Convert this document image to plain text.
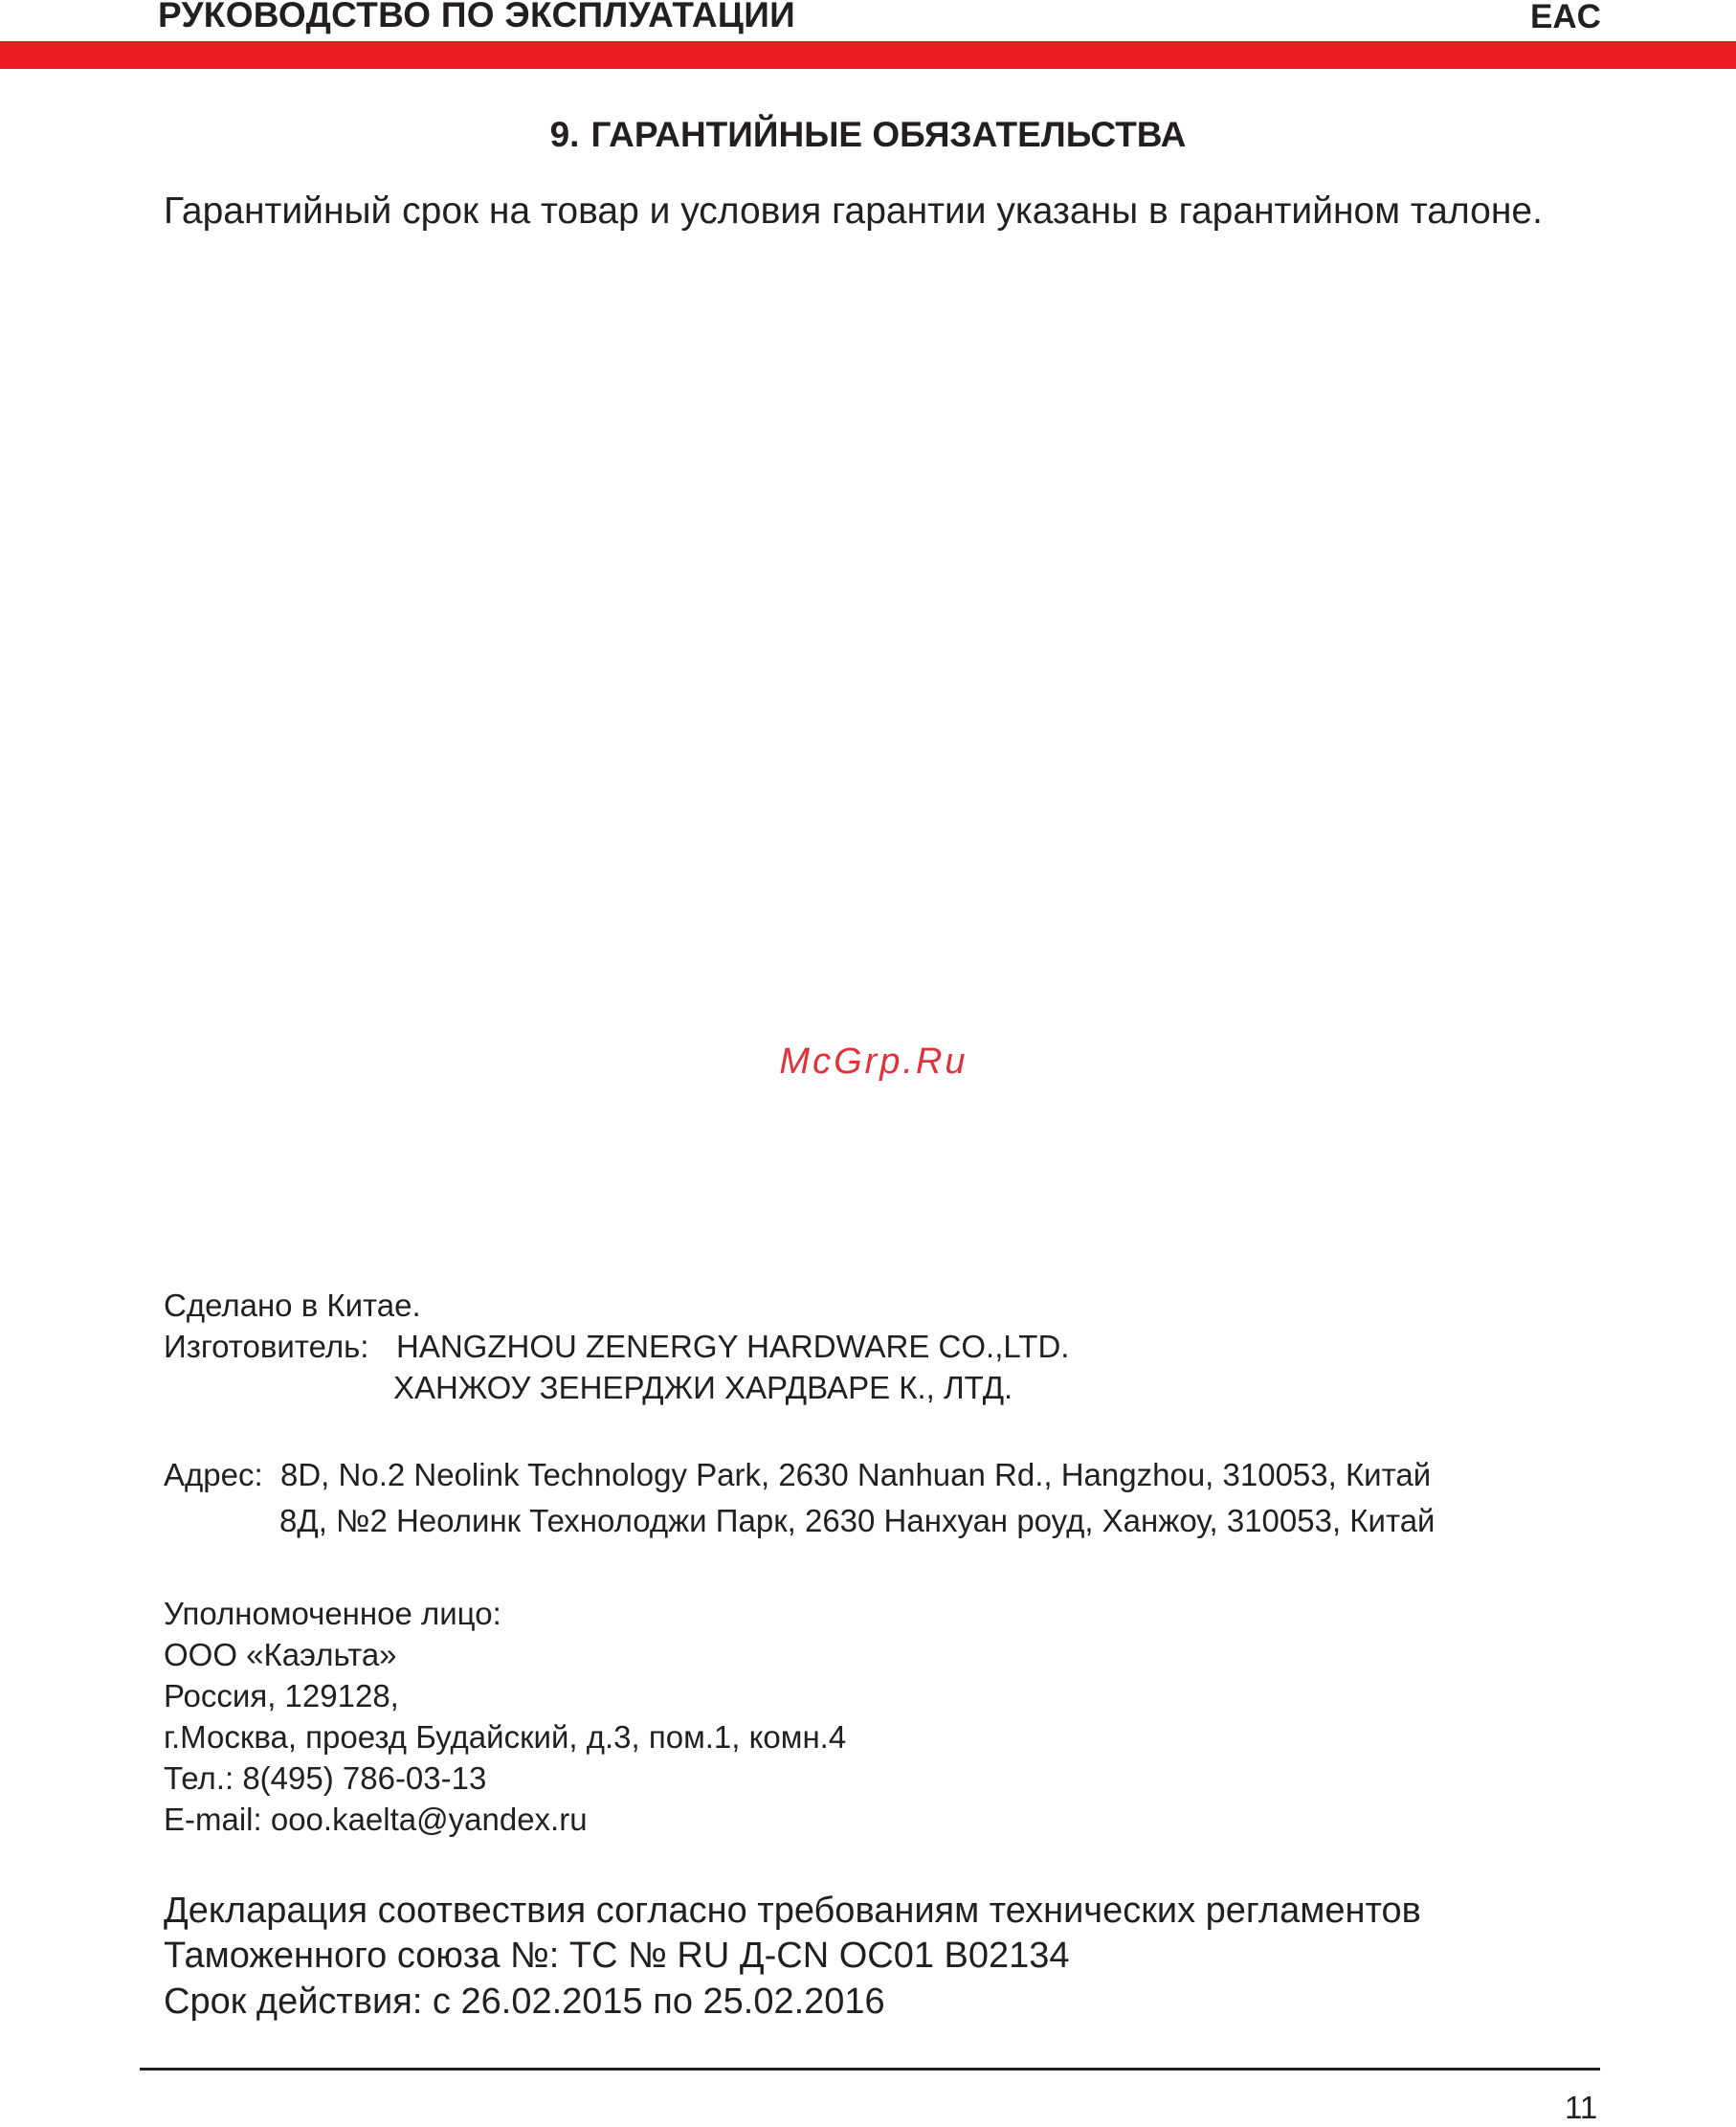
РУКОВОДСТВО ПО ЭКСПЛУАТАЦИИ	EAC
9. ГАРАНТИЙНЫЕ ОБЯЗАТЕЛЬСТВА
Гарантийный срок на товар и условия гарантии указаны в гарантийном талоне.
McGrp.Ru
Сделано в Китае.
Изготовитель: HANGZHOU ZENERGY HARDWARE CO.,LTD.
ХАНЖОУ ЗЕНЕРДЖИ ХАРДВАРЕ К., ЛТД.
Адрес: 8D, No.2 Neolink Technology Park, 2630 Nanhuan Rd., Hangzhou, 310053, Китай
8Д, №2 Неолинк Технолоджи Парк, 2630 Нанхуан роуд, Ханжоу, 310053, Китай
Уполномоченное лицо:
ООО «Каэльта»
Россия, 129128,
г.Москва, проезд Будайский, д.3, пом.1, комн.4
Тел.: 8(495) 786-03-13
E-mail: ooo.kaelta@yandex.ru
Декларация соотвествия согласно требованиям технических регламентов
Таможенного союза №: ТС № RU Д-CN ОС01 В02134
Срок действия: с 26.02.2015 по 25.02.2016
11
